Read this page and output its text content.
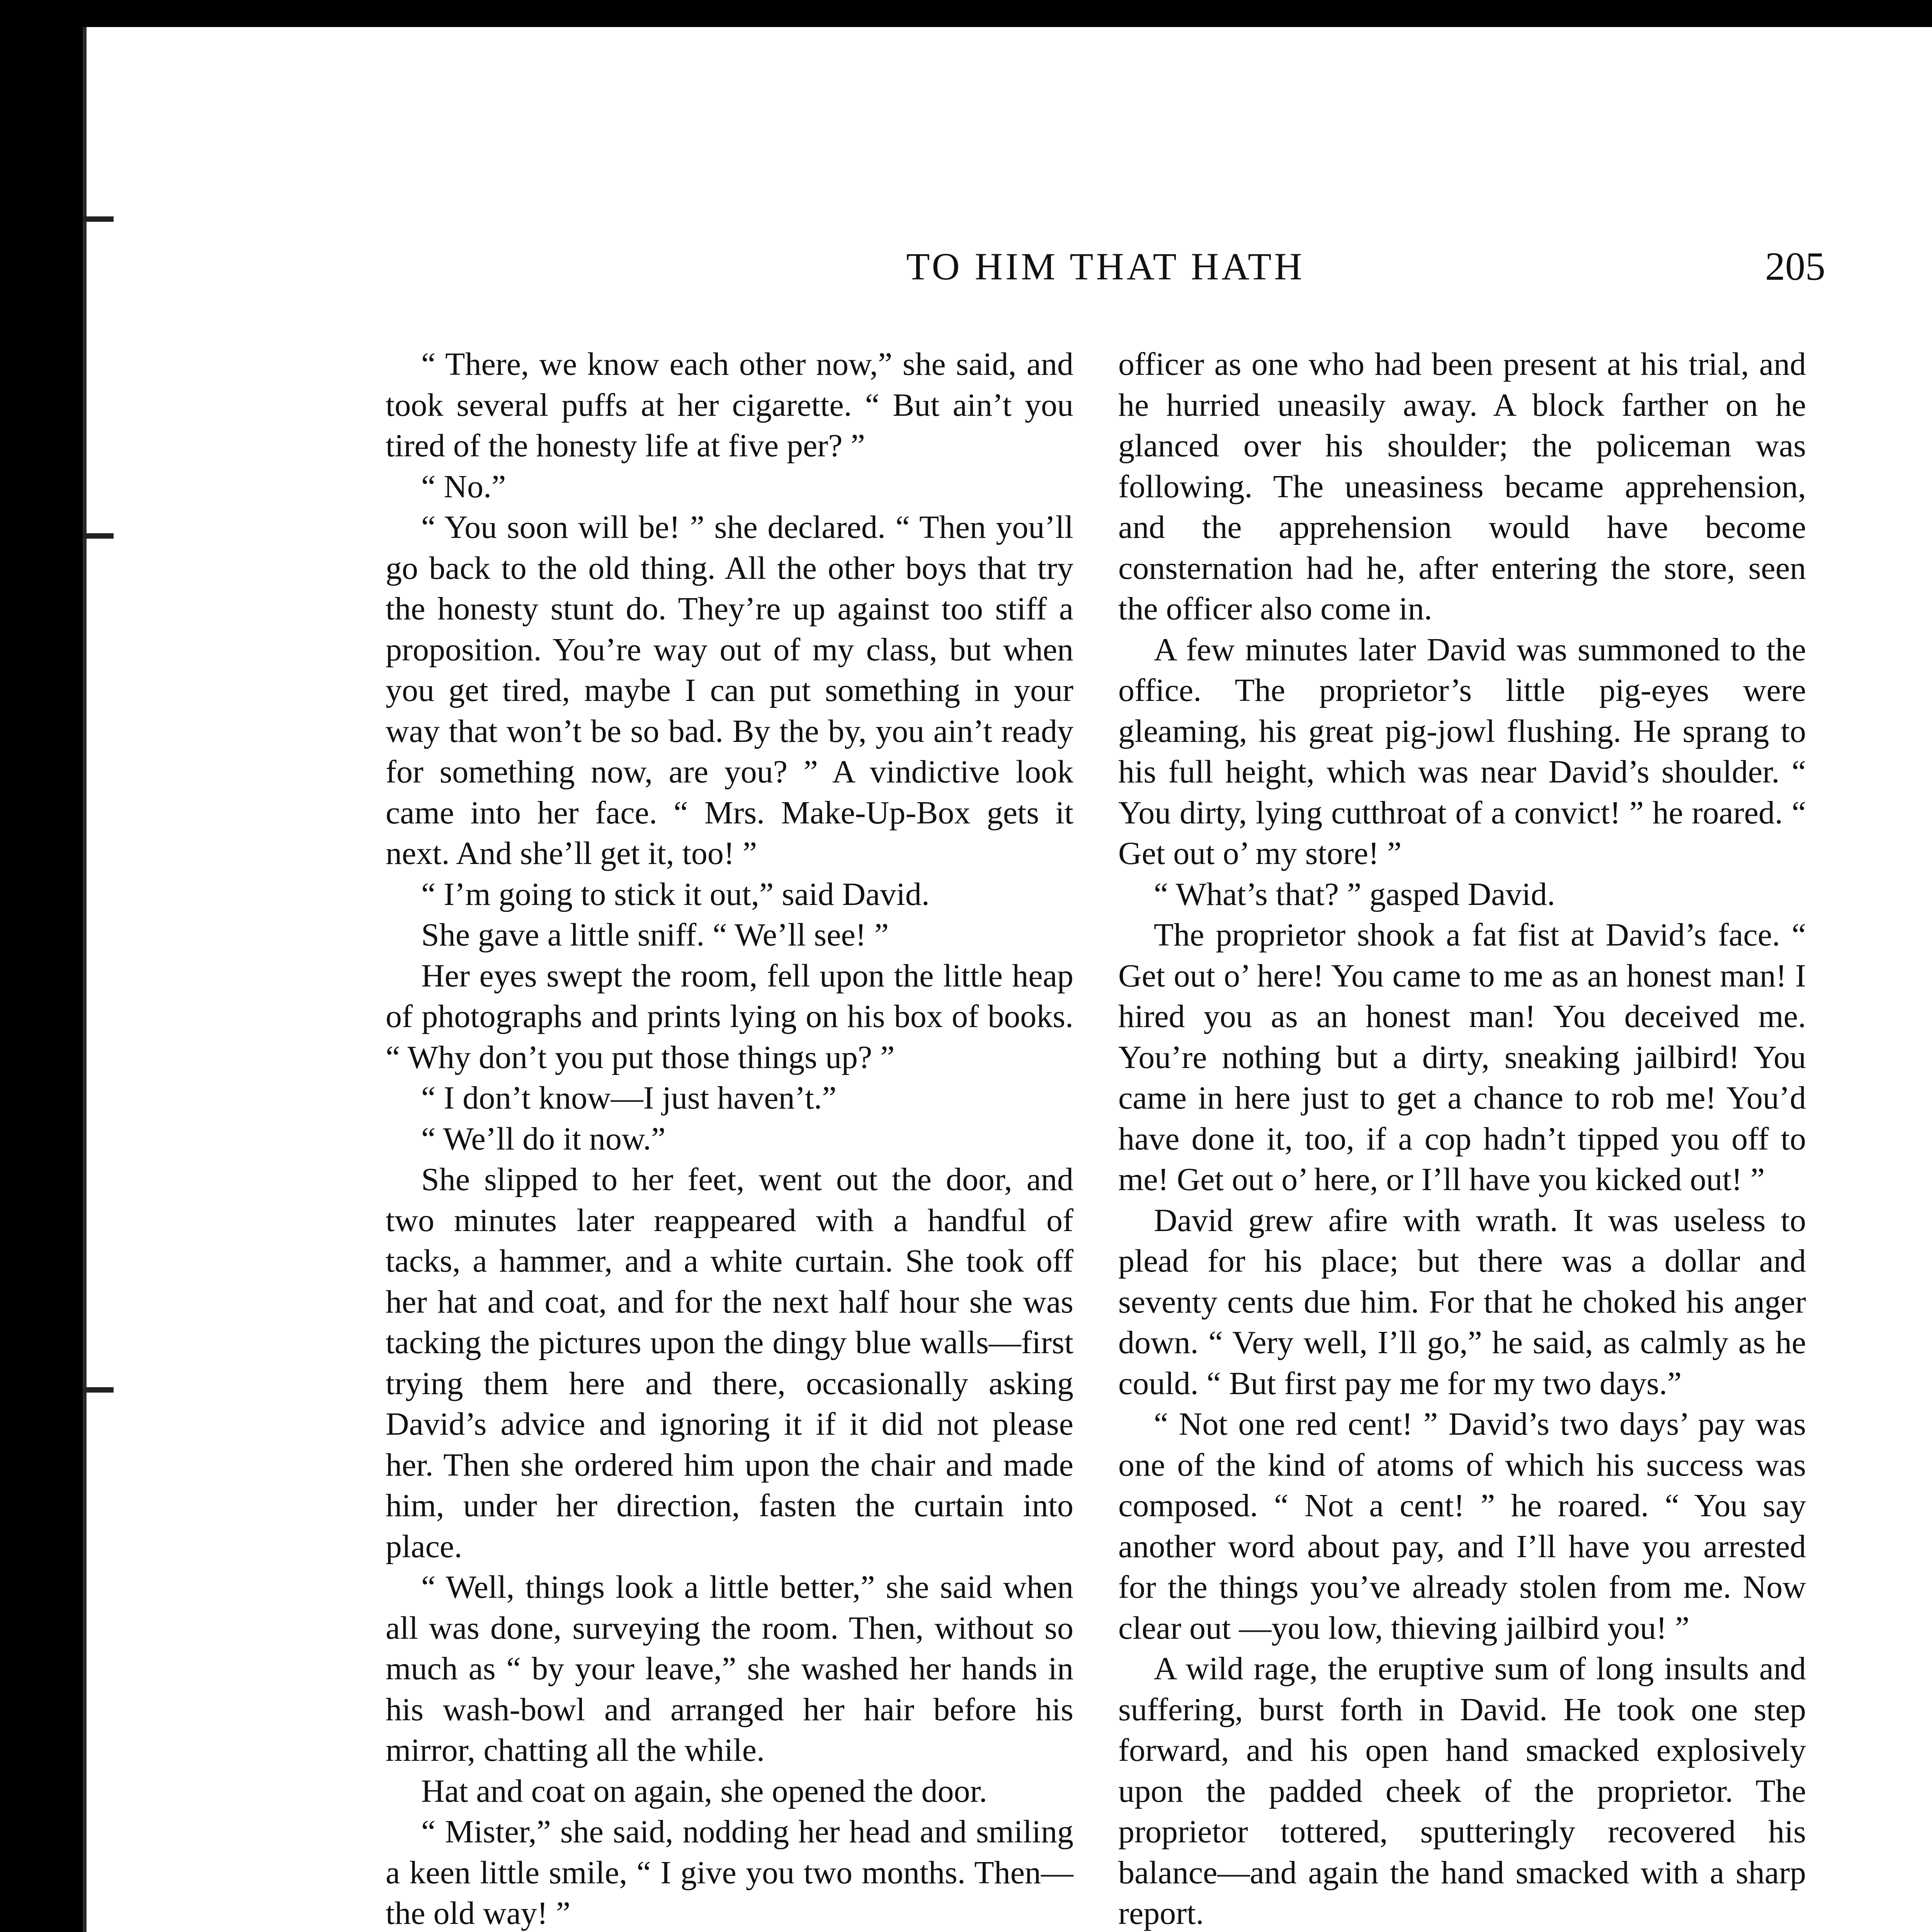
TO HIM THAT HATH	205

“ There, we know each other now,” she said, and took several puffs at her cigarette. “ But ain’t you tired of the honesty life at five per? ”

“ No.”

“ You soon will be! ” she declared. “ Then you’ll go back to the old thing. All the other boys that try the honesty stunt do. They’re up against too stiff a proposition. You’re way out of my class, but when you get tired, maybe I can put something in your way that won’t be so bad. By the by, you ain’t ready for something now, are you? ” A vindictive look came into her face. “ Mrs. Make-Up-Box gets it next. And she’ll get it, too! ”

“ I’m going to stick it out,” said David.

She gave a little sniff. “ We’ll see! ”

Her eyes swept the room, fell upon the little heap of photographs and prints lying on his box of books. “ Why don’t you put those things up? ”

“ I don’t know—I just haven’t.”

“ We’ll do it now.”

She slipped to her feet, went out the door, and two minutes later reappeared with a handful of tacks, a hammer, and a white curtain. She took off her hat and coat, and for the next half hour she was tacking the pictures upon the dingy blue walls—first trying them here and there, occasionally asking David’s advice and ignoring it if it did not please her. Then she ordered him upon the chair and made him, under her direction, fasten the curtain into place.

“ Well, things look a little better,” she said when all was done, surveying the room. Then, without so much as “ by your leave,” she washed her hands in his wash-bowl and arranged her hair before his mirror, chatting all the while.

Hat and coat on again, she opened the door.

“ Mister,” she said, nodding her head and smiling a keen little smile, “ I give you two months. Then—the old way! ”

officer as one who had been present at his trial, and he hurried uneasily away. A block farther on he glanced over his shoulder; the policeman was following. The uneasiness became apprehension, and the apprehension would have become consternation had he, after entering the store, seen the officer also come in.

A few minutes later David was summoned to the office. The proprietor’s little pig-eyes were gleaming, his great pig-jowl flushing. He sprang to his full height, which was near David’s shoulder. “ You dirty, lying cutthroat of a convict! ” he roared. “ Get out o’ my store! ”

“ What’s that? ” gasped David.

The proprietor shook a fat fist at David’s face. “ Get out o’ here! You came to me as an honest man! I hired you as an honest man! You deceived me. You’re nothing but a dirty, sneaking jailbird! You came in here just to get a chance to rob me! You’d have done it, too, if a cop hadn’t tipped you off to me! Get out o’ here, or I’ll have you kicked out! ”

David grew afire with wrath. It was useless to plead for his place; but there was a dollar and seventy cents due him. For that he choked his anger down. “ Very well, I’ll go,” he said, as calmly as he could. “ But first pay me for my two days.”

“ Not one red cent! ” David’s two days’ pay was one of the kind of atoms of which his success was composed. “ Not a cent! ” he roared. “ You say another word about pay, and I’ll have you arrested for the things you’ve already stolen from me. Now clear out —you low, thieving jailbird you! ”

A wild rage, the eruptive sum of long insults and suffering, burst forth in David. He took one step forward, and his open hand smacked explosively upon the padded cheek of the proprietor. The proprietor tottered, sputteringly recovered his balance—and again the hand smacked with a sharp report.
